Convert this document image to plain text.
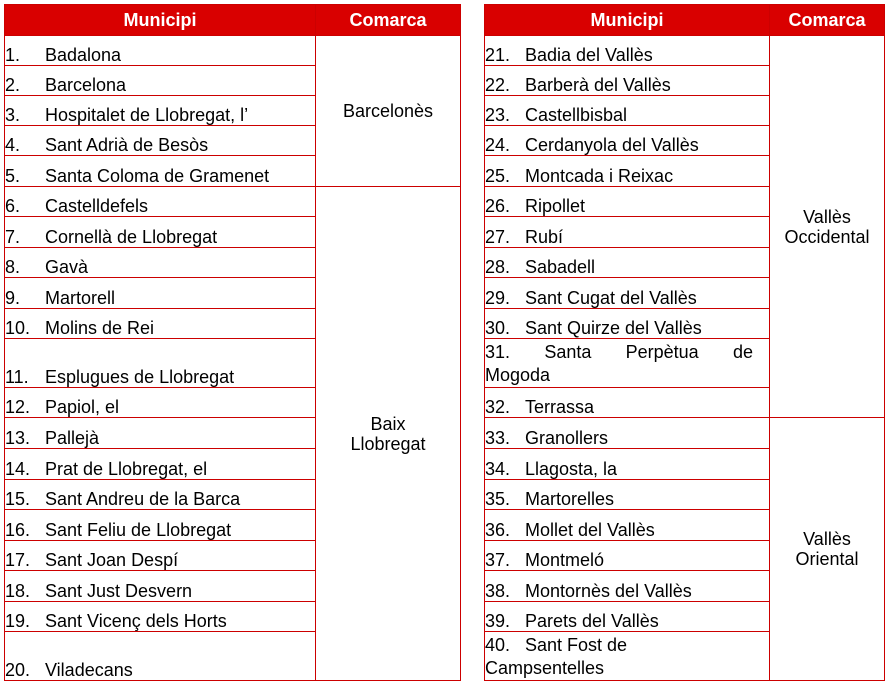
Municipi	Comarca
1. Badalona	Barcelonès
2. Barcelona	
3. Hospitalet de Llobregat, l’	
4. Sant Adrià de Besòs	
5. Santa Coloma de Gramenet	
6. Castelldefels	Baix
Llobregat
7. Cornellà de Llobregat	
8. Gavà	
9. Martorell	
10. Molins de Rei	
11. Esplugues de Llobregat	
12. Papiol, el	
13. Pallejà	
14. Prat de Llobregat, el	
15. Sant Andreu de la Barca	
16. Sant Feliu de Llobregat	
17. Sant Joan Despí	
18. Sant Just Desvern	
19. Sant Vicenç dels Horts	
20. Viladecans	
Municipi	Comarca
21. Badia del Vallès	Vallès
Occidental
22. Barberà del Vallès	
23. Castellbisbal	
24. Cerdanyola del Vallès	
25. Montcada i Reixac	
26. Ripollet	
27. Rubí	
28. Sabadell	
29. Sant Cugat del Vallès	
30. Sant Quirze del Vallès	

31. Santa Perpètua de
Mogoda	

32. Terrassa	
33. Granollers	Vallès
Oriental
34. Llagosta, la	
35. Martorelles	
36. Mollet del Vallès	
37. Montmeló	
38. Montornès del Vallès	
39. Parets del Vallès	

40. Sant Fost de
Campsentelles	
